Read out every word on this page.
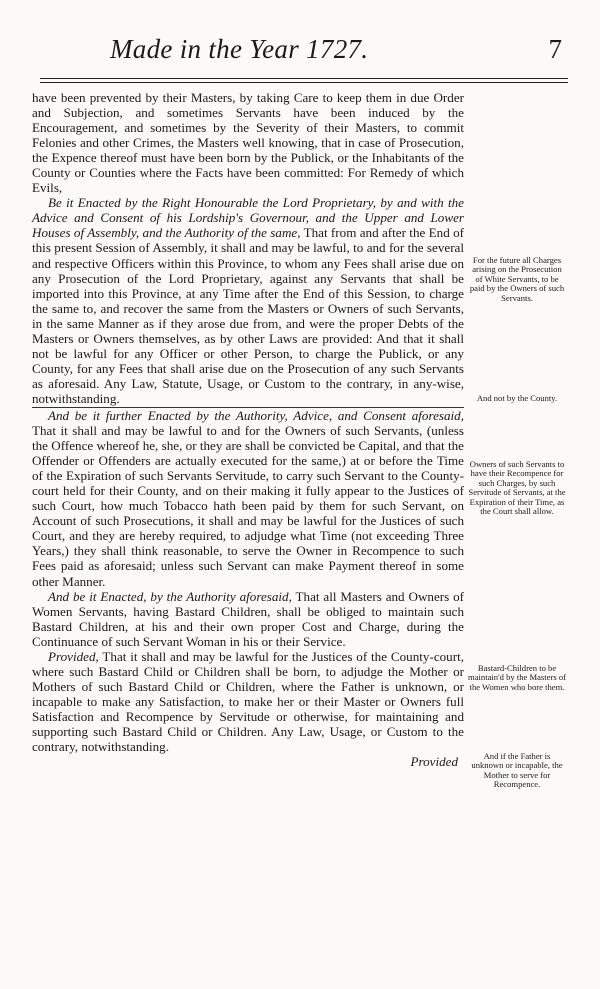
Made in the Year 1727.	7

have been prevented by their Masters, by taking Care to keep them in due Order and Subjection, and sometimes Servants have been induced by the Encouragement, and sometimes by the Severity of their Masters, to commit Felonies and other Crimes, the Masters well knowing, that in case of Prosecution, the Expence thereof must have been born by the Publick, or the Inhabitants of the County or Counties where the Facts have been committed: For Remedy of which Evils,

Be it Enacted by the Right Honourable the Lord Proprietary, by and with the Advice and Consent of his Lordship's Governour, and the Upper and Lower Houses of Assembly, and the Authority of the same, That from and after the End of this present Session of Assembly, it shall and may be lawful, to and for the several and respective Officers within this Province, to whom any Fees shall arise due on any Prosecution of the Lord Proprietary, against any Servants that shall be imported into this Province, at any Time after the End of this Session, to charge the same to, and recover the same from the Masters or Owners of such Servants, in the same Manner as if they arose due from, and were the proper Debts of the Masters or Owners themselves, as by other Laws are provided: And that it shall not be lawful for any Officer or other Person, to charge the Publick, or any County, for any Fees that shall arise due on the Prosecution of any such Servants as aforesaid. Any Law, Statute, Usage, or Custom to the contrary, in any-wise, notwithstanding.

And be it further Enacted by the Authority, Advice, and Consent aforesaid, That it shall and may be lawful to and for the Owners of such Servants, (unless the Offence whereof he, she, or they are shall be convicted be Capital, and that the Offender or Offenders are actually executed for the same,) at or before the Time of the Expiration of such Servants Servitude, to carry such Servant to the County-court held for their County, and on their making it fully appear to the Justices of such Court, how much Tobacco hath been paid by them for such Servant, on Account of such Prosecutions, it shall and may be lawful for the Justices of such Court, and they are hereby required, to adjudge what Time (not exceeding Three Years,) they shall think reasonable, to serve the Owner in Recompence to such Fees paid as aforesaid; unless such Servant can make Payment thereof in some other Manner.

And be it Enacted, by the Authority aforesaid, That all Masters and Owners of Women Servants, having Bastard Children, shall be obliged to maintain such Bastard Children, at his and their own proper Cost and Charge, during the Continuance of such Servant Woman in his or their Service.

Provided, That it shall and may be lawful for the Justices of the County-court, where such Bastard Child or Children shall be born, to adjudge the Mother or Mothers of such Bastard Child or Children, where the Father is unknown, or incapable to make any Satisfaction, to make her or their Master or Owners full Satisfaction and Recompence by Servitude or otherwise, for maintaining and supporting such Bastard Child or Children. Any Law, Usage, or Custom to the contrary, notwithstanding.

Provided

For the future all Charges arising on the Prosecution of White Servants, to be paid by the Owners of such Servants.
And not by the County.
Owners of such Servants to have their Recompence for such Charges, by such Servitude of Servants, at the Expiration of their Time, as the Court shall allow.
Bastard-Children to be maintain'd by the Masters of the Women who bore them.
And if the Father is unknown or incapable, the Mother to serve for Recompence.
